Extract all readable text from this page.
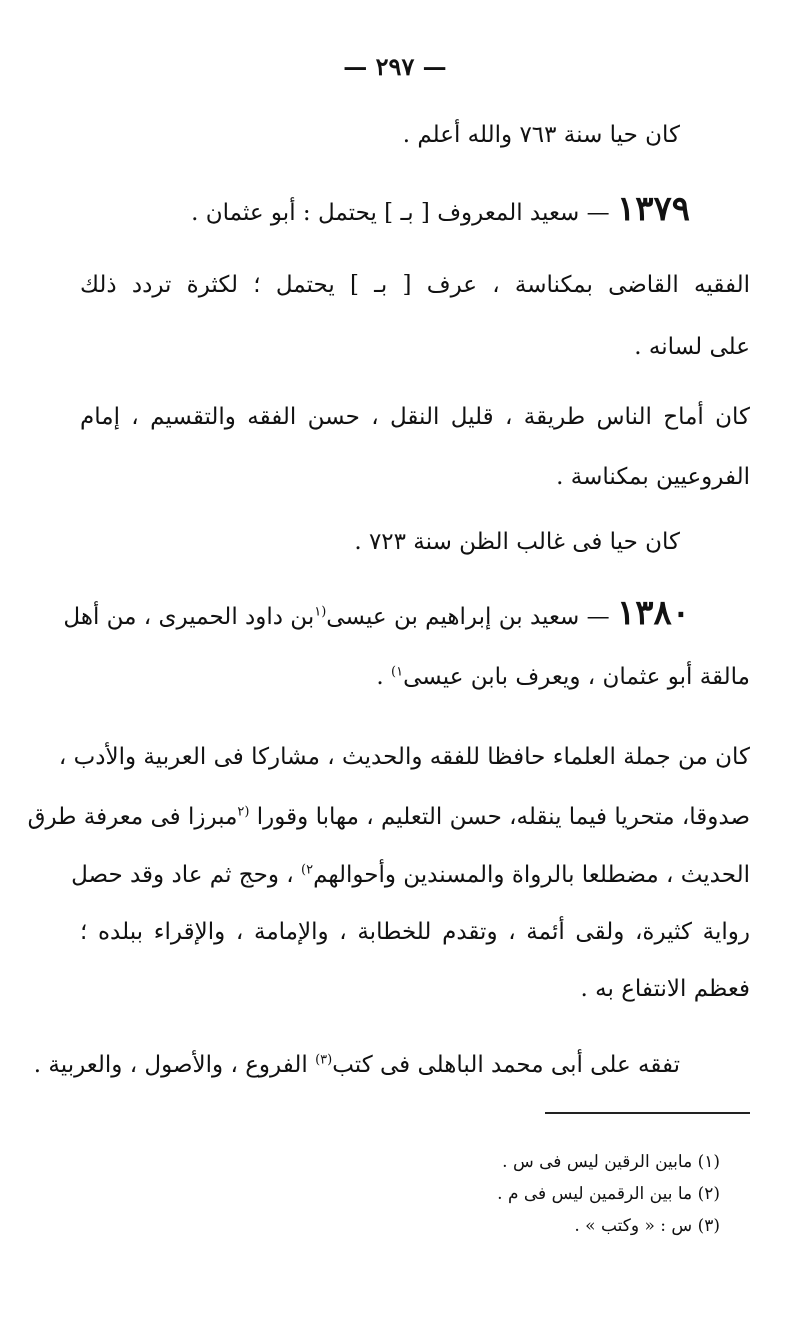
— ٢٩٧ —
كان حيا سنة ٧٦٣ والله أعلم .
١٣٧٩ — سعيد المعروف [ بـ ] يحتمل : أبو عثمان .
الفقيه القاضى بمكناسة ، عرف [ بـ ] يحتمل ؛ لكثرة تردد ذلك
على لسانه .
كان أماح الناس طريقة ، قليل النقل ، حسن الفقه والتقسيم ، إمام
الفروعيين بمكناسة .
كان حيا فى غالب الظن سنة ٧٢٣ .
١٣٨٠ — سعيد بن إبراهيم بن عيسى$^{(١}$بن داود الحميرى ، من أهل
مالقة أبو عثمان ، ويعرف بابن عيسى$^{١)}$ .
كان من جملة العلماء حافظا للفقه والحديث ، مشاركا فى العربية والأدب ،
صدوقا، متحريا فيما ينقله، حسن التعليم ، مهابا وقورا $^{(٢}$مبرزا فى معرفة طرق
الحديث ، مضطلعا بالرواة والمسندين وأحوالهم$^{٢)}$ ، وحج ثم عاد وقد حصل
رواية كثيرة، ولقى أئمة ، وتقدم للخطابة ، والإمامة ، والإقراء ببلده ؛
فعظم الانتفاع به .
تفقه على أبى محمد الباهلى فى كتب$^{(٣)}$ الفروع ، والأصول ، والعربية .
(١) مابين الرقين ليس فى س .
(٢) ما بين الرقمين ليس فى م .
(٣) س : « وكتب » .
